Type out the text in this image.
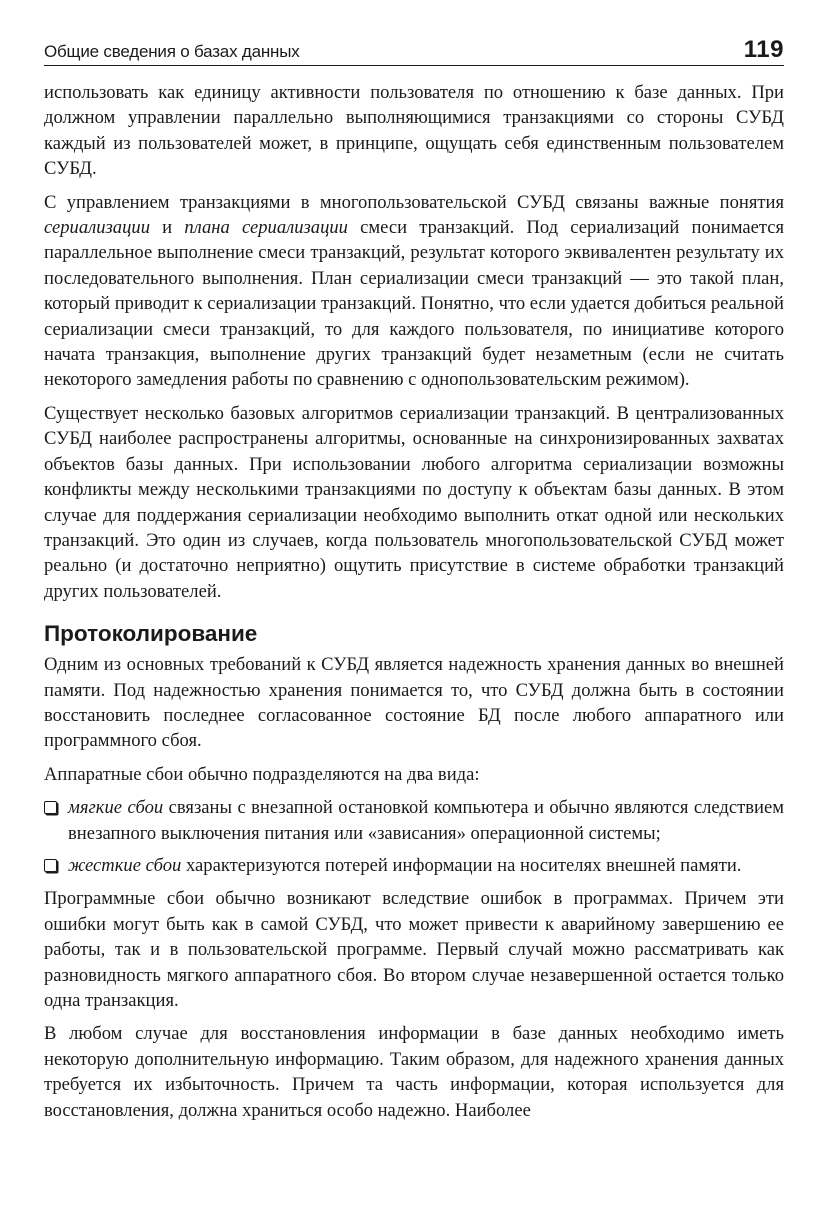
Общие сведения о базах данных	119

использовать как единицу активности пользователя по отношению к базе данных. При должном управлении параллельно выполняющимися транзакциями со стороны СУБД каждый из пользователей может, в принципе, ощущать себя единственным пользователем СУБД.

С управлением транзакциями в многопользовательской СУБД связаны важные понятия сериализации и плана сериализации смеси транзакций. Под сериализаций понимается параллельное выполнение смеси транзакций, результат которого эквивалентен результату их последовательного выполнения. План сериализации смеси транзакций — это такой план, который приводит к сериализации транзакций. Понятно, что если удается добиться реальной сериализации смеси транзакций, то для каждого пользователя, по инициативе которого начата транзакция, выполнение других транзакций будет незаметным (если не считать некоторого замедления работы по сравнению с однопользовательским режимом).

Существует несколько базовых алгоритмов сериализации транзакций. В централизованных СУБД наиболее распространены алгоритмы, основанные на синхронизированных захватах объектов базы данных. При использовании любого алгоритма сериализации возможны конфликты между несколькими транзакциями по доступу к объектам базы данных. В этом случае для поддержания сериализации необходимо выполнить откат одной или нескольких транзакций. Это один из случаев, когда пользователь многопользовательской СУБД может реально (и достаточно неприятно) ощутить присутствие в системе обработки транзакций других пользователей.

Протоколирование

Одним из основных требований к СУБД является надежность хранения данных во внешней памяти. Под надежностью хранения понимается то, что СУБД должна быть в состоянии восстановить последнее согласованное состояние БД после любого аппаратного или программного сбоя.

Аппаратные сбои обычно подразделяются на два вида:

мягкие сбои связаны с внезапной остановкой компьютера и обычно являются следствием внезапного выключения питания или «зависания» операционной системы;
жесткие сбои характеризуются потерей информации на носителях внешней памяти.

Программные сбои обычно возникают вследствие ошибок в программах. Причем эти ошибки могут быть как в самой СУБД, что может привести к аварийному завершению ее работы, так и в пользовательской программе. Первый случай можно рассматривать как разновидность мягкого аппаратного сбоя. Во втором случае незавершенной остается только одна транзакция.

В любом случае для восстановления информации в базе данных необходимо иметь некоторую дополнительную информацию. Таким образом, для надежного хранения данных требуется их избыточность. Причем та часть информации, которая используется для восстановления, должна храниться особо надежно. Наиболее
